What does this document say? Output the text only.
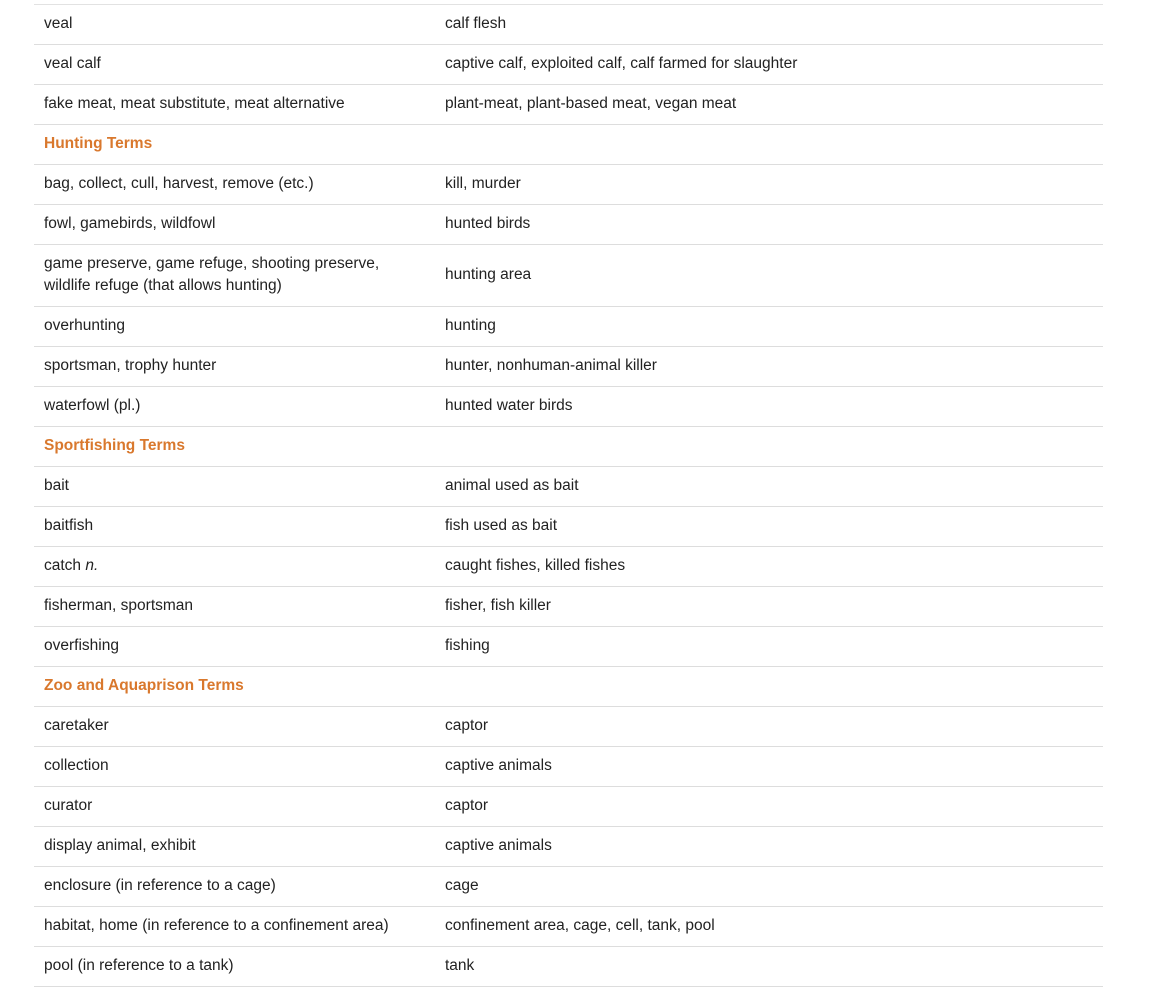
veal	calf flesh
veal calf	captive calf, exploited calf, calf farmed for slaughter
fake meat, meat substitute, meat alternative	plant-meat, plant-based meat, vegan meat
Hunting Terms	
bag, collect, cull, harvest, remove (etc.)	kill, murder
fowl, gamebirds, wildfowl	hunted birds
game preserve, game refuge, shooting preserve, wildlife refuge (that allows hunting)	hunting area
overhunting	hunting
sportsman, trophy hunter	hunter, nonhuman-animal killer
waterfowl (pl.)	hunted water birds
Sportfishing Terms	
bait	animal used as bait
baitfish	fish used as bait
catch n.	caught fishes, killed fishes
fisherman, sportsman	fisher, fish killer
overfishing	fishing
Zoo and Aquaprison Terms	
caretaker	captor
collection	captive animals
curator	captor
display animal, exhibit	captive animals
enclosure (in reference to a cage)	cage
habitat, home (in reference to a confinement area)	confinement area, cage, cell, tank, pool
pool (in reference to a tank)	tank
